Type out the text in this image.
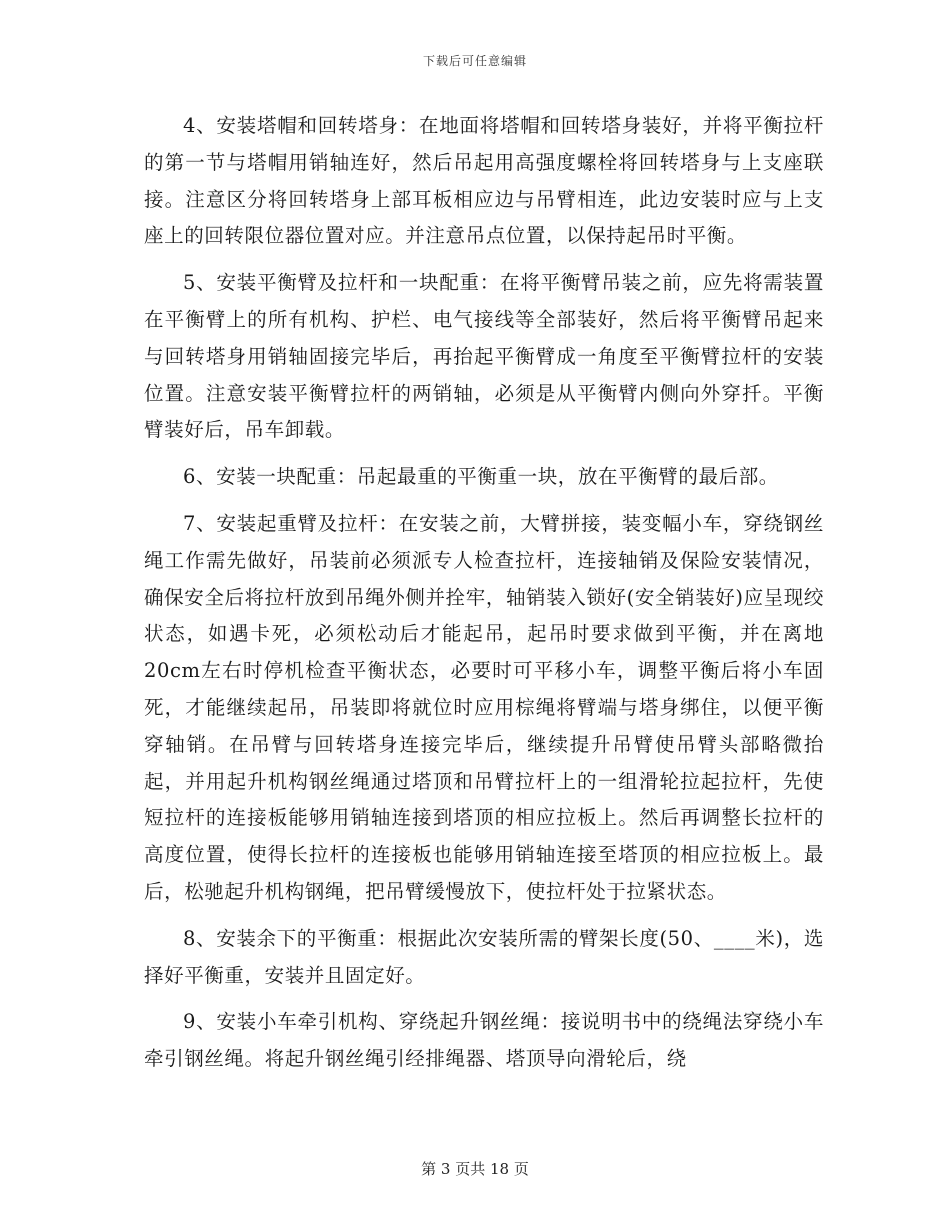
下载后可任意编辑

4、安装塔帽和回转塔身：在地面将塔帽和回转塔身装好，并将平衡拉杆的第一节与塔帽用销轴连好，然后吊起用高强度螺栓将回转塔身与上支座联接。注意区分将回转塔身上部耳板相应边与吊臂相连，此边安装时应与上支座上的回转限位器位置对应。并注意吊点位置，以保持起吊时平衡。

5、安装平衡臂及拉杆和一块配重：在将平衡臂吊装之前，应先将需装置在平衡臂上的所有机构、护栏、电气接线等全部装好，然后将平衡臂吊起来与回转塔身用销轴固接完毕后，再抬起平衡臂成一角度至平衡臂拉杆的安装位置。注意安装平衡臂拉杆的两销轴，必须是从平衡臂内侧向外穿扦。平衡臂装好后，吊车卸载。

6、安装一块配重：吊起最重的平衡重一块，放在平衡臂的最后部。

7、安装起重臂及拉杆：在安装之前，大臂拼接，装变幅小车，穿绕钢丝绳工作需先做好，吊装前必须派专人检查拉杆，连接轴销及保险安装情况，确保安全后将拉杆放到吊绳外侧并拴牢，轴销装入锁好(安全销装好)应呈现绞状态，如遇卡死，必须松动后才能起吊，起吊时要求做到平衡，并在离地20cm左右时停机检查平衡状态，必要时可平移小车，调整平衡后将小车固死，才能继续起吊，吊装即将就位时应用棕绳将臂端与塔身绑住，以便平衡穿轴销。在吊臂与回转塔身连接完毕后，继续提升吊臂使吊臂头部略微抬起，并用起升机构钢丝绳通过塔顶和吊臂拉杆上的一组滑轮拉起拉杆，先使短拉杆的连接板能够用销轴连接到塔顶的相应拉板上。然后再调整长拉杆的高度位置，使得长拉杆的连接板也能够用销轴连接至塔顶的相应拉板上。最后，松驰起升机构钢绳，把吊臂缓慢放下，使拉杆处于拉紧状态。

8、安装余下的平衡重：根据此次安装所需的臂架长度(50、____米)，选择好平衡重，安装并且固定好。

9、安装小车牵引机构、穿绕起升钢丝绳：接说明书中的绕绳法穿绕小车牵引钢丝绳。将起升钢丝绳引经排绳器、塔顶导向滑轮后，绕

第 3 页共 18 页
